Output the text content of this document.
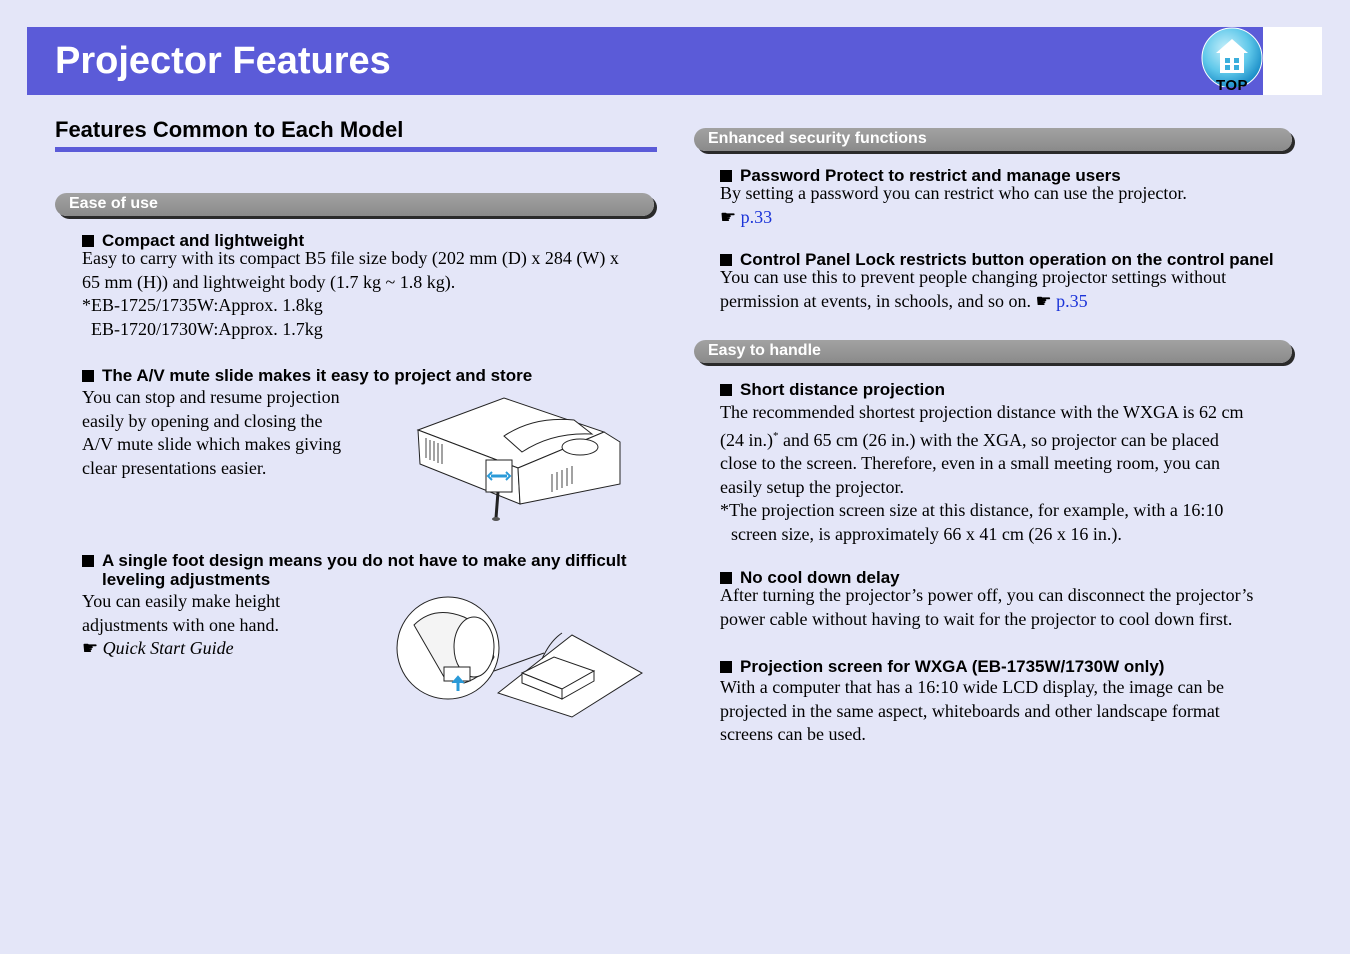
Projector Features
TOP
Features Common to Each Model
Ease of use
Compact and lightweight
Easy to carry with its compact B5 file size body (202 mm (D) x 284 (W) x
65 mm (H)) and lightweight body (1.7 kg ~ 1.8 kg).
*EB-1725/1735W:Approx. 1.8kg
EB-1720/1730W:Approx. 1.7kg
The A/V mute slide makes it easy to project and store
You can stop and resume projection
easily by opening and closing the
A/V mute slide which makes giving
clear presentations easier.
A single foot design means you do not have to make any difficult
leveling adjustments
You can easily make height
adjustments with one hand.
☛ Quick Start Guide
Enhanced security functions
Password Protect to restrict and manage users
By setting a password you can restrict who can use the projector.
☛ p.33
Control Panel Lock restricts button operation on the control panel
You can use this to prevent people changing projector settings without
permission at events, in schools, and so on. ☛ p.35
Easy to handle
Short distance projection
The recommended shortest projection distance with the WXGA is 62 cm
(24 in.)* and 65 cm (26 in.) with the XGA, so projector can be placed
close to the screen. Therefore, even in a small meeting room, you can
easily setup the projector.
*The projection screen size at this distance, for example, with a 16:10
screen size, is approximately 66 x 41 cm (26 x 16 in.).
No cool down delay
After turning the projector’s power off, you can disconnect the projector’s
power cable without having to wait for the projector to cool down first.
Projection screen for WXGA (EB-1735W/1730W only)
With a computer that has a 16:10 wide LCD display, the image can be
projected in the same aspect, whiteboards and other landscape format
screens can be used.
